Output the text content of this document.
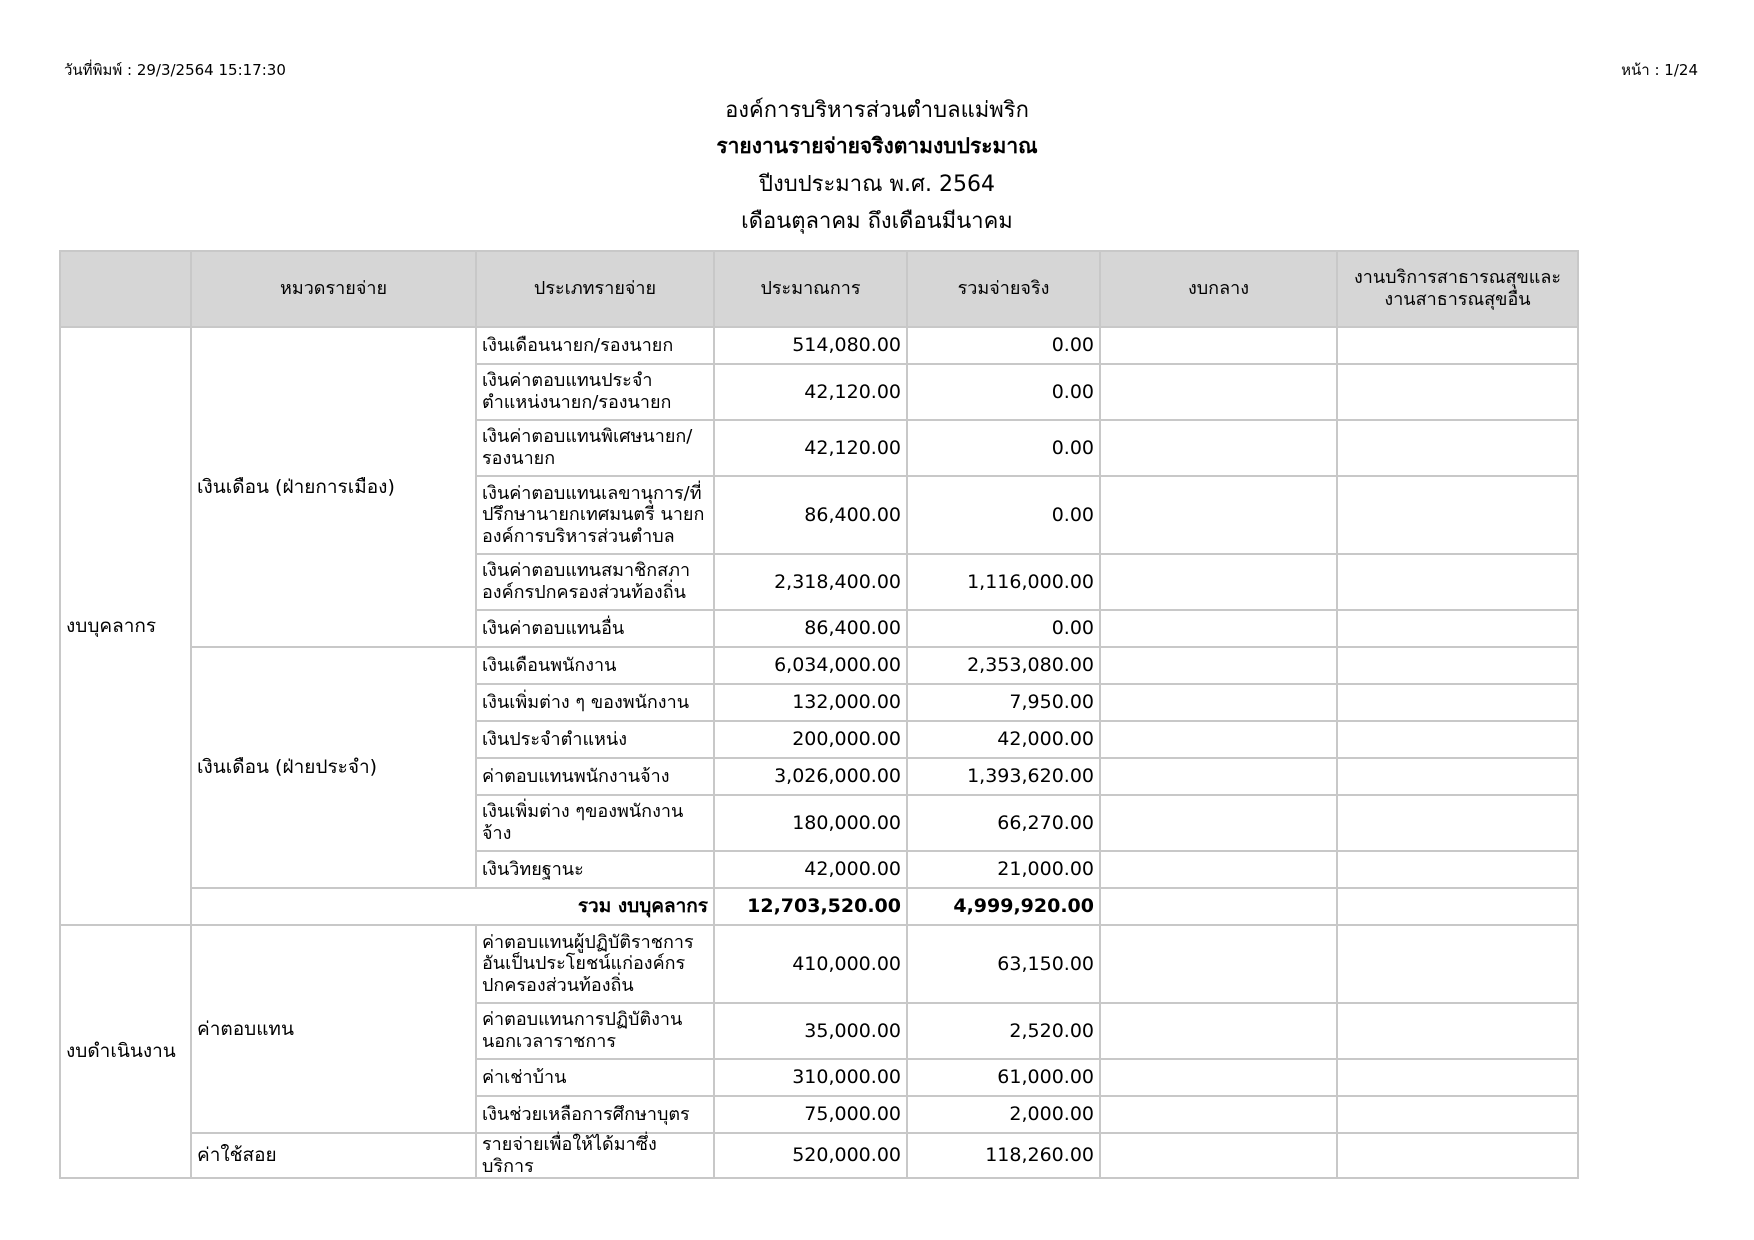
วันที่พิมพ์ : 29/3/2564 15:17:30	หน้า : 1/24
องค์การบริหารส่วนตำบลแม่พริก
รายงานรายจ่ายจริงตามงบประมาณ
ปีงบประมาณ พ.ศ. 2564
เดือนตุลาคม ถึงเดือนมีนาคม
	หมวดรายจ่าย	ประเภทรายจ่าย	ประมาณการ	รวมจ่ายจริง	งบกลาง	งานบริการสาธารณสุขและ
งานสาธารณสุขอื่น
งบบุคลากร	เงินเดือน (ฝ่ายการเมือง)	เงินเดือนนายก/รองนายก	514,080.00	0.00		
		เงินค่าตอบแทนประจำตำแหน่งนายก/รองนายก	42,120.00	0.00		
		เงินค่าตอบแทนพิเศษนายก/รองนายก	42,120.00	0.00		
		เงินค่าตอบแทนเลขานุการ/ที่ปรึกษานายกเทศมนตรี นายกองค์การบริหารส่วนตำบล	86,400.00	0.00		
		เงินค่าตอบแทนสมาชิกสภาองค์กรปกครองส่วนท้องถิ่น	2,318,400.00	1,116,000.00		
		เงินค่าตอบแทนอื่น	86,400.00	0.00		
	เงินเดือน (ฝ่ายประจำ)	เงินเดือนพนักงาน	6,034,000.00	2,353,080.00		
		เงินเพิ่มต่าง ๆ ของพนักงาน	132,000.00	7,950.00		
		เงินประจำตำแหน่ง	200,000.00	42,000.00		
		ค่าตอบแทนพนักงานจ้าง	3,026,000.00	1,393,620.00		
		เงินเพิ่มต่าง ๆของพนักงานจ้าง	180,000.00	66,270.00		
		เงินวิทยฐานะ	42,000.00	21,000.00		
	รวม งบบุคลากร		12,703,520.00	4,999,920.00		
งบดำเนินงาน	ค่าตอบแทน	ค่าตอบแทนผู้ปฏิบัติราชการอันเป็นประโยชน์แก่องค์กรปกครองส่วนท้องถิ่น	410,000.00	63,150.00		
		ค่าตอบแทนการปฏิบัติงานนอกเวลาราชการ	35,000.00	2,520.00		
		ค่าเช่าบ้าน	310,000.00	61,000.00		
		เงินช่วยเหลือการศึกษาบุตร	75,000.00	2,000.00		
	ค่าใช้สอย	รายจ่ายเพื่อให้ได้มาซึ่งบริการ	520,000.00	118,260.00		
